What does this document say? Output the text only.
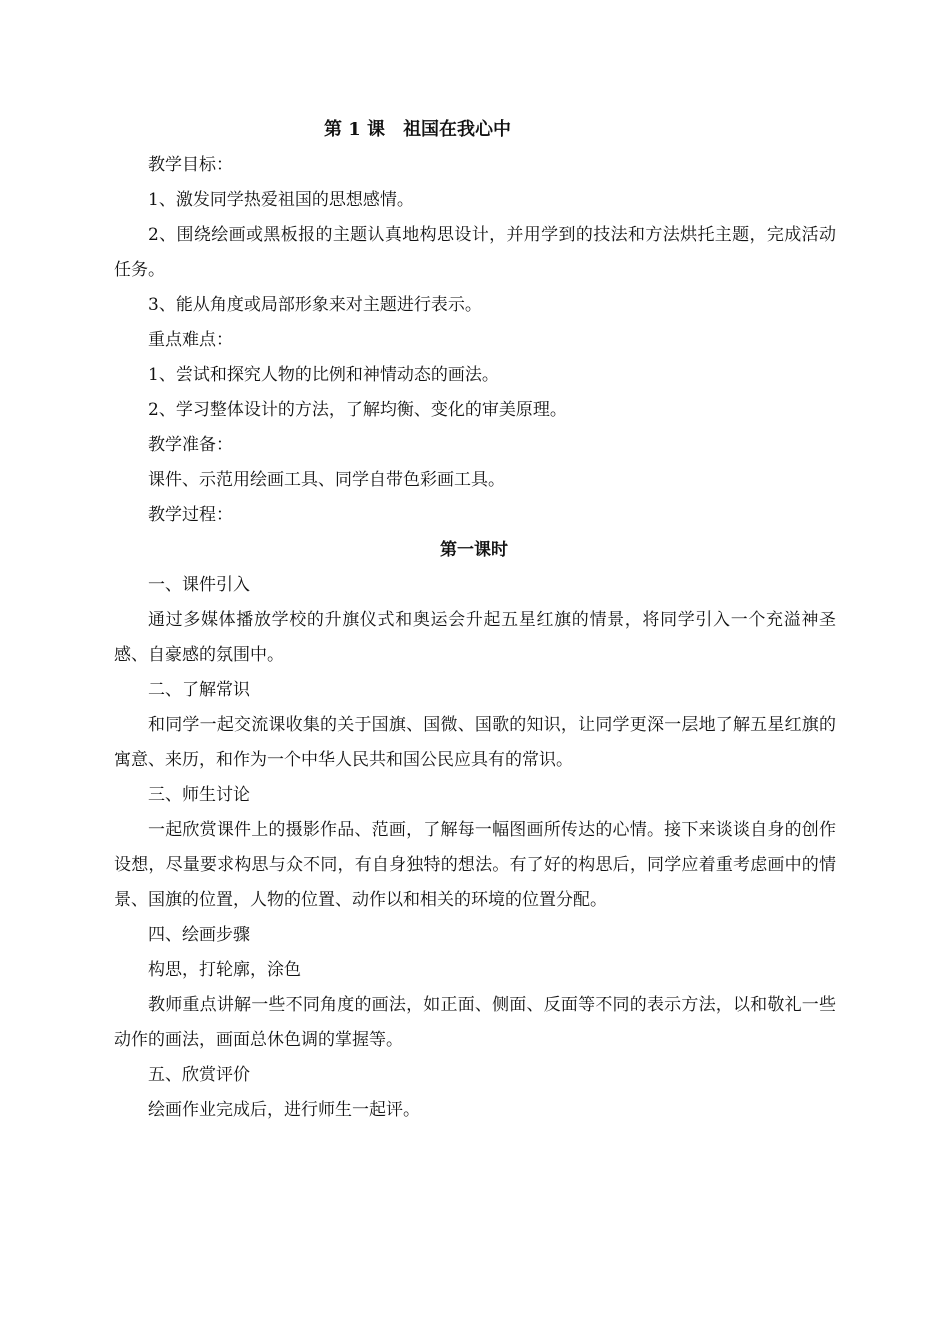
第 1 课 祖国在我心中

教学目标：

1、激发同学热爱祖国的思想感情。

2、围绕绘画或黑板报的主题认真地构思设计，并用学到的技法和方法烘托主题，完成活动任务。

3、能从角度或局部形象来对主题进行表示。

重点难点：

1、尝试和探究人物的比例和神情动态的画法。

2、学习整体设计的方法，了解均衡、变化的审美原理。

教学准备：

课件、示范用绘画工具、同学自带色彩画工具。

教学过程：

第一课时

一、课件引入

通过多媒体播放学校的升旗仪式和奥运会升起五星红旗的情景，将同学引入一个充溢神圣感、自豪感的氛围中。

二、了解常识

和同学一起交流课收集的关于国旗、国微、国歌的知识，让同学更深一层地了解五星红旗的寓意、来历，和作为一个中华人民共和国公民应具有的常识。

三、师生讨论

一起欣赏课件上的摄影作品、范画，了解每一幅图画所传达的心情。接下来谈谈自身的创作设想，尽量要求构思与众不同，有自身独特的想法。有了好的构思后，同学应着重考虑画中的情景、国旗的位置，人物的位置、动作以和相关的环境的位置分配。

四、绘画步骤

构思，打轮廓，涂色

教师重点讲解一些不同角度的画法，如正面、侧面、反面等不同的表示方法，以和敬礼一些动作的画法，画面总休色调的掌握等。

五、欣赏评价

绘画作业完成后，进行师生一起评。
